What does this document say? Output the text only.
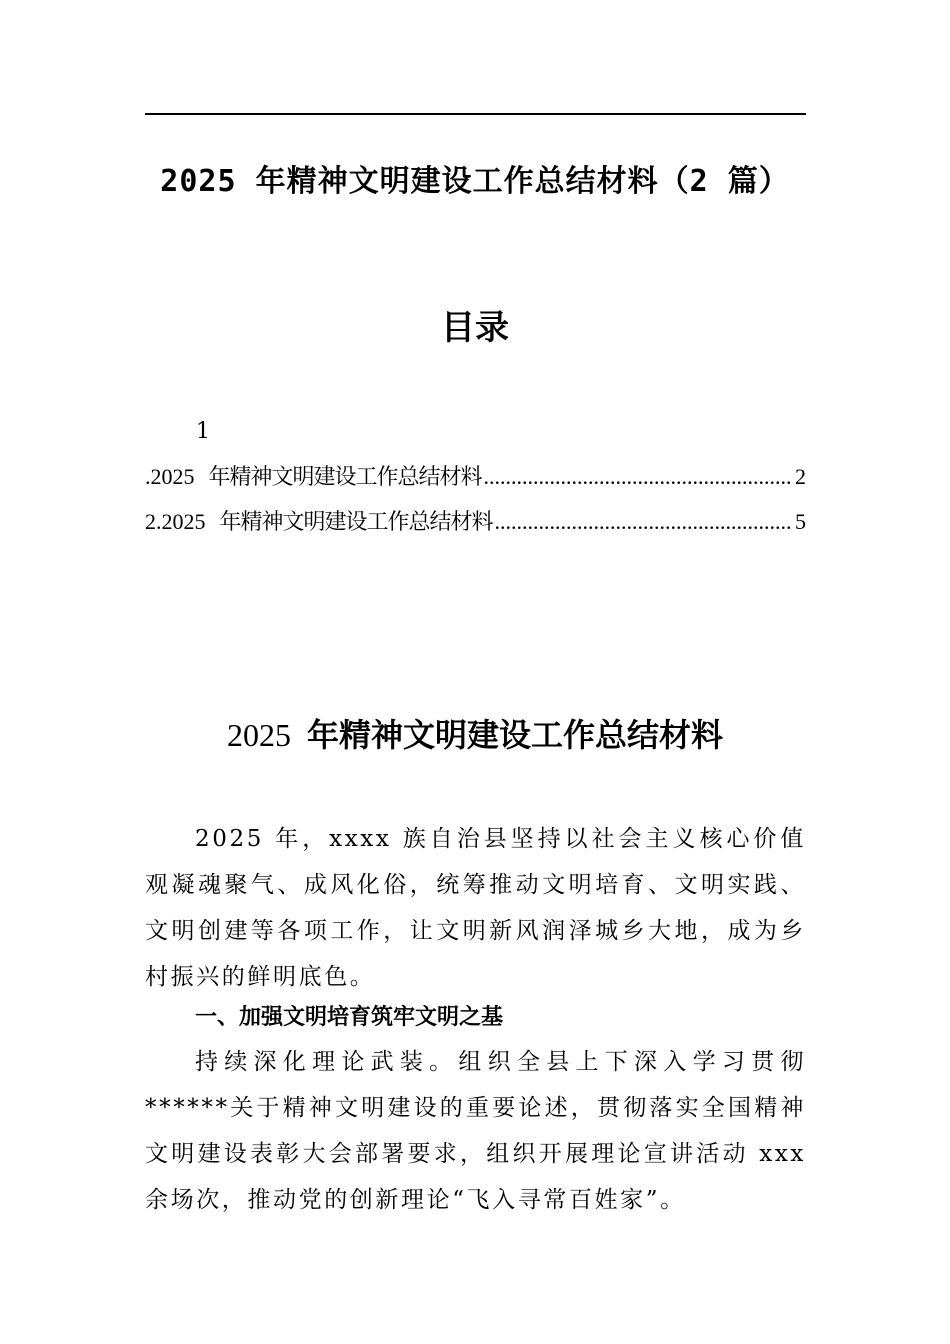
2025 年精神文明建设工作总结材料（2 篇）
目录
1
.2025 年精神文明建设工作总结材料 .....	2
2.2025 年精神文明建设工作总结材料 .....	5
2025 年精神文明建设工作总结材料
2025 年，xxxx 族自治县坚持以社会主义核心价值观凝魂聚气、成风化俗，统筹推动文明培育、文明实践、文明创建等各项工作，让文明新风润泽城乡大地，成为乡村振兴的鲜明底色。
一、加强文明培育筑牢文明之基
持续深化理论武装。组织全县上下深入学习贯彻******关于精神文明建设的重要论述，贯彻落实全国精神文明建设表彰大会部署要求，组织开展理论宣讲活动 xxx 余场次，推动党的创新理论“飞入寻常百姓家”。
